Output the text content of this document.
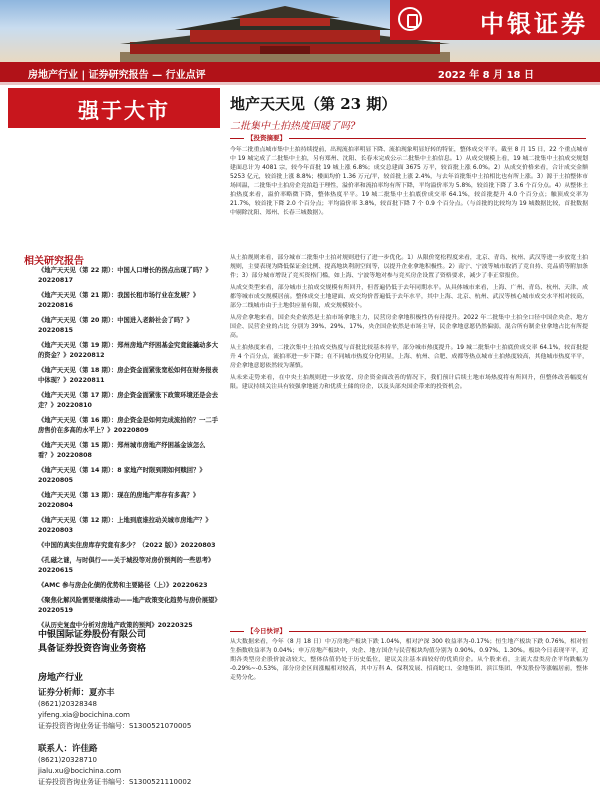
中银证券
房地产行业 | 证券研究报告 — 行业点评	2022 年 8 月 18 日
强于大市	地产天天见（第 23 期）
二批集中土拍热度回暖了吗?
【投资摘要】

今年二批重点城市集中土拍持续提前，出现流拍率明显下降、流拍现象明显好转的特征，整体成交平平。截至 8 月 15 日，22 个重点城市中 19 城完成了二批集中土拍，另有郑州、沈阳、长春未完成公示二批集中土拍信息。1）从成交规模上看，19 城二批集中土拍成交规划建面总计为 4081 宗，较今年首批 19 城上涨 6.8%；成交总建面 3675 万平，较首批上涨 6.0%。2）从成交价格来看，合计成交金额 5253 亿元，较首批上涨 8.8%；楼面均价 1.36 万元/平，较首批上涨 2.4%，与去年首批集中土拍相比也有所上涨。3）源于土拍整体市场回温，二批集中土拍房企竞拍趋于理性，溢价率和流拍率均有所下降，平均溢价率为 5.8%，较首批下降了 3.6 个百分点。4）从整体土拍热度来看，溢价率略微下降，整体热度平平。19 城二批集中土拍底价成交率 64.1%，较首批提升 4.0 个百分点；触顶成交率为 21.7%，较首批下降 2.0 个百分点；平均溢价率 3.8%，较首批下降 7 个 0.9 个百分点。（与首批的比较均为 19 城数据比较，首批数据中剔除沈阳、郑州、长春三城数据）。

从土拍规则来看，部分城市二批集中土拍对规则进行了进一步优化。1）从限价宽松程度来看，北京、青岛、杭州、武汉等进一步放宽土拍规则，主要表现为降低保证金比例、提高地块利润空间等，以提升企业拿地积极性。2）南宁、宁波等城市取消了竞自持、竞品质等附加条件；3）部分城市增设了竞买资格门槛，如上海、宁波等地对参与竞买房企设置了资格要求，减少了非正常报价。

从成交类型来看，部分城市土拍成交规模有所回升，但普遍仍低于去年同期水平。从具体城市来看，上海、广州、青岛、杭州、天津、成都等城市成交规模居前。整体成交土地建面、成交均价普遍低于去年水平，其中上海、北京、杭州、武汉等核心城市成交水平相对较高，部分二线城市由于土地供应量有限，成交规模较小。

从房企拿地来看，国企央企依然是土拍市场拿地主力，民营房企拿地积极性仍有待提升。2022 年二批集中土拍全口径中国企央企、地方国企、民营企业的占比 分别为 39%、29%、17%，央企国企依然是市场主导，民企拿地意愿仍然偏弱，混合所有制企业拿地占比有所提高。

从土拍热度来看，二批次集中土拍成交热度与首批比较基本持平，部分城市热度提升。19 城二批集中土拍底价成交率 64.1%，较首批提升 4 个百分点，流拍率进一步下降；在不同城市热度分化明显，上海、杭州、合肥、成都等热点城市土拍热度较高，其他城市热度平平，房企拿地意愿依然较为谨慎。

从未来走势来看，在中央土拍规则进一步放宽、房企资金面改善的情况下，我们预计后续土地市场热度将有所回升，但整体改善幅度有限。建议持续关注具有较强拿地能力和优质土储的房企，以及头部央国企带来的投资机会。

【今日快评】

从大数据来看，今年（8 月 18 日）中万房地产板块下跌 1.04%，相对沪深 300 收益率为-0.17%；恒生地产板块下跌 0.76%，相对恒生指数收益率为 0.04%；申万房地产板块中，央企、地方国企与民营板块均值分别为 0.90%、0.97%、1.30%。板块今日表现平平，近期各类型房企股价波动较大，整体估值仍处于历史低位，建议关注基本面较好的优质房企。从个股来看，主流大盘类房企平均跌幅为 -0.29%~-0.53%，部分房企区间涨幅相对较高，其中万科 A、保利发展、招商蛇口、金地集团、滨江集团、华发股份等涨幅居前，整体走势分化。

相关研究报告
《地产天天见（第 22 期）：中国人口增长的拐点出现了吗？》20220817
《地产天天见（第 21 期）：我国长租市场行业在发展？》20220816
《地产天天见（第 20 期）：中国进入老龄社会了吗？》20220815
《地产天天见（第 19 期）：郑州房地产纾困基金究竟能撬动多大的资金？》20220812
《地产天天见（第 18 期）：房企资金面紧张宽松如何在财务报表中体现？》20220811
《地产天天见（第 17 期）：房企资金面紧张下政策环境还是会去走？》20220810
《地产天天见（第 16 期）：房企资金是如何完成流拍的？一二手房售价在多高的水平上？》20220809
《地产天天见（第 15 期）：郑州城市房地产纾困基金该怎么看？》20220808
《地产天天见（第 14 期）：8 家地产时限到期如何赎回？》20220805
《地产天天见（第 13 期）：现在的房地产库存有多高？》20220804
《地产天天见（第 12 期）：上地到底谁拉动关城市房地产？》20220803
《中国的真实住房库存究竟有多少？（2022 版）》20220803
《孔磁之谜，与时俱行——关于城投等对房价预判的一些思考》20220615
《AMC 参与房企化债的优势和主要路径（上）》20220623
《聚焦化解风险需要继续推动——地产政策变化趋势与房价展望》20220519
《从历史复盘中分析对房地产政策的预判》20220325
中银国际证券股份有限公司
具备证券投资咨询业务资格
房地产行业
证券分析师：夏亦丰
(8621)20328348
yifeng.xia@bocichina.com
证券投资咨询业务证书编号：S1300521070005
联系人：许佳路
(8621)20328710
jialu.xu@bocichina.com
证券投资咨询业务证书编号：S1300521110002
